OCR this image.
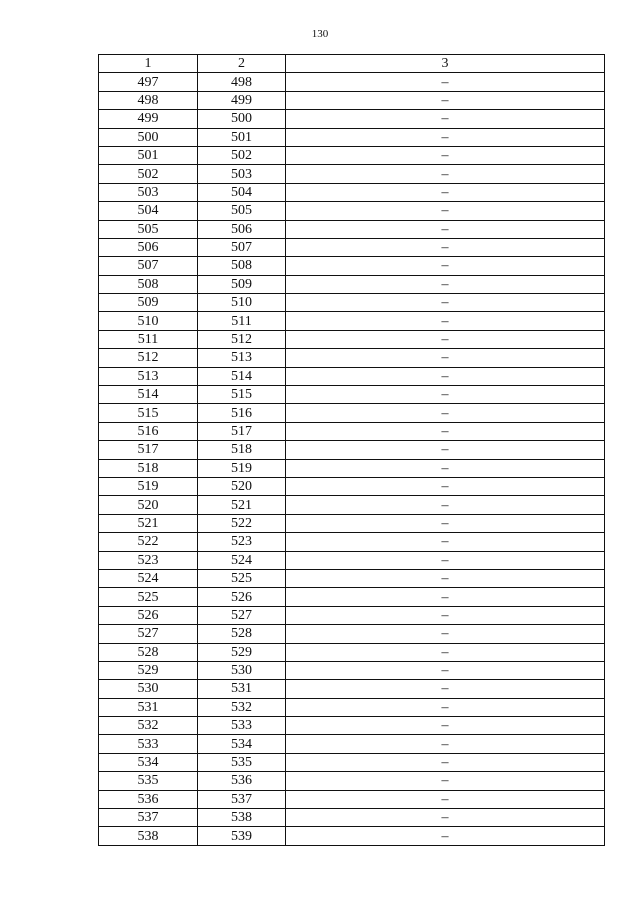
130
1	2	3
497	498	–
498	499	–
499	500	–
500	501	–
501	502	–
502	503	–
503	504	–
504	505	–
505	506	–
506	507	–
507	508	–
508	509	–
509	510	–
510	511	–
511	512	–
512	513	–
513	514	–
514	515	–
515	516	–
516	517	–
517	518	–
518	519	–
519	520	–
520	521	–
521	522	–
522	523	–
523	524	–
524	525	–
525	526	–
526	527	–
527	528	–
528	529	–
529	530	–
530	531	–
531	532	–
532	533	–
533	534	–
534	535	–
535	536	–
536	537	–
537	538	–
538	539	–
